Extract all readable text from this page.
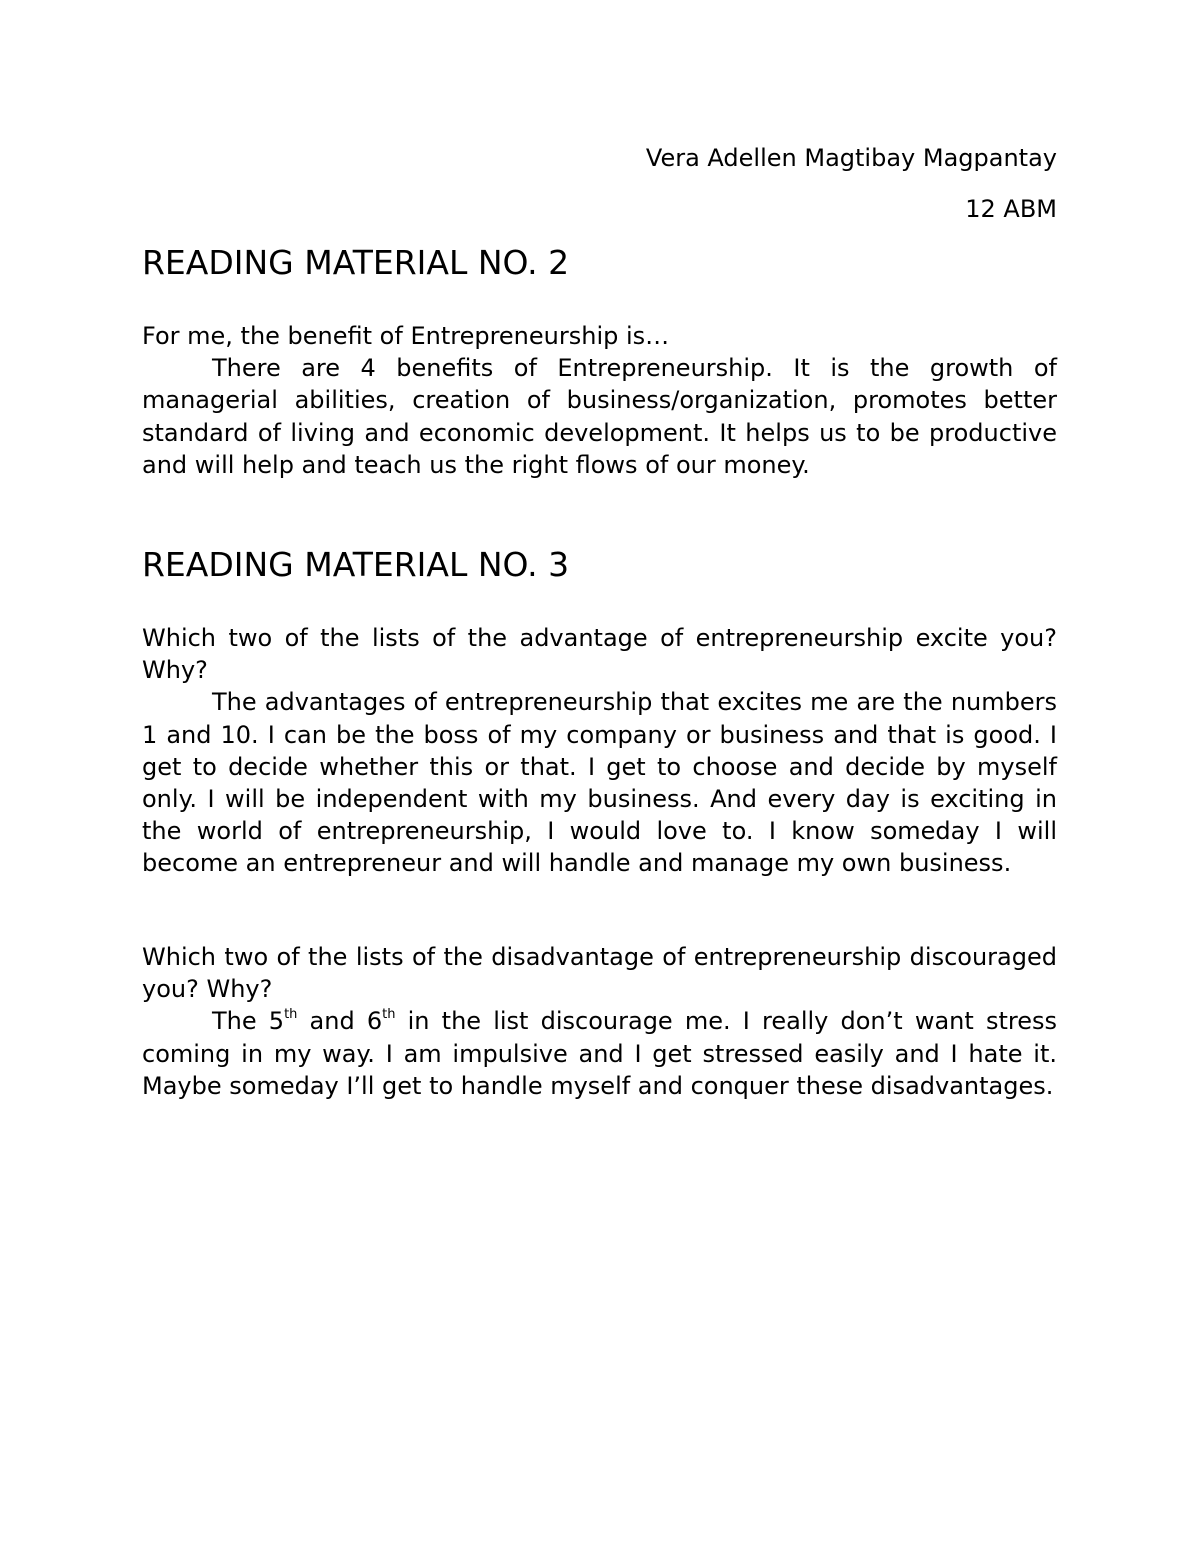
Vera Adellen Magtibay Magpantay
12 ABM
READING MATERIAL NO. 2

For me, the benefit of Entrepreneurship is…

There are 4 benefits of Entrepreneurship. It is the growth of managerial abilities, creation of business/organization, promotes better standard of living and economic development. It helps us to be productive and will help and teach us the right flows of our money.

READING MATERIAL NO. 3

Which two of the lists of the advantage of entrepreneurship excite you? Why?

The advantages of entrepreneurship that excites me are the numbers 1 and 10. I can be the boss of my company or business and that is good. I get to decide whether this or that. I get to choose and decide by myself only. I will be independent with my business. And every day is exciting in the world of entrepreneurship, I would love to. I know someday I will become an entrepreneur and will handle and manage my own business.

Which two of the lists of the disadvantage of entrepreneurship discouraged you? Why?

The 5th and 6th in the list discourage me. I really don’t want stress coming in my way. I am impulsive and I get stressed easily and I hate it. Maybe someday I’ll get to handle myself and conquer these disadvantages.
